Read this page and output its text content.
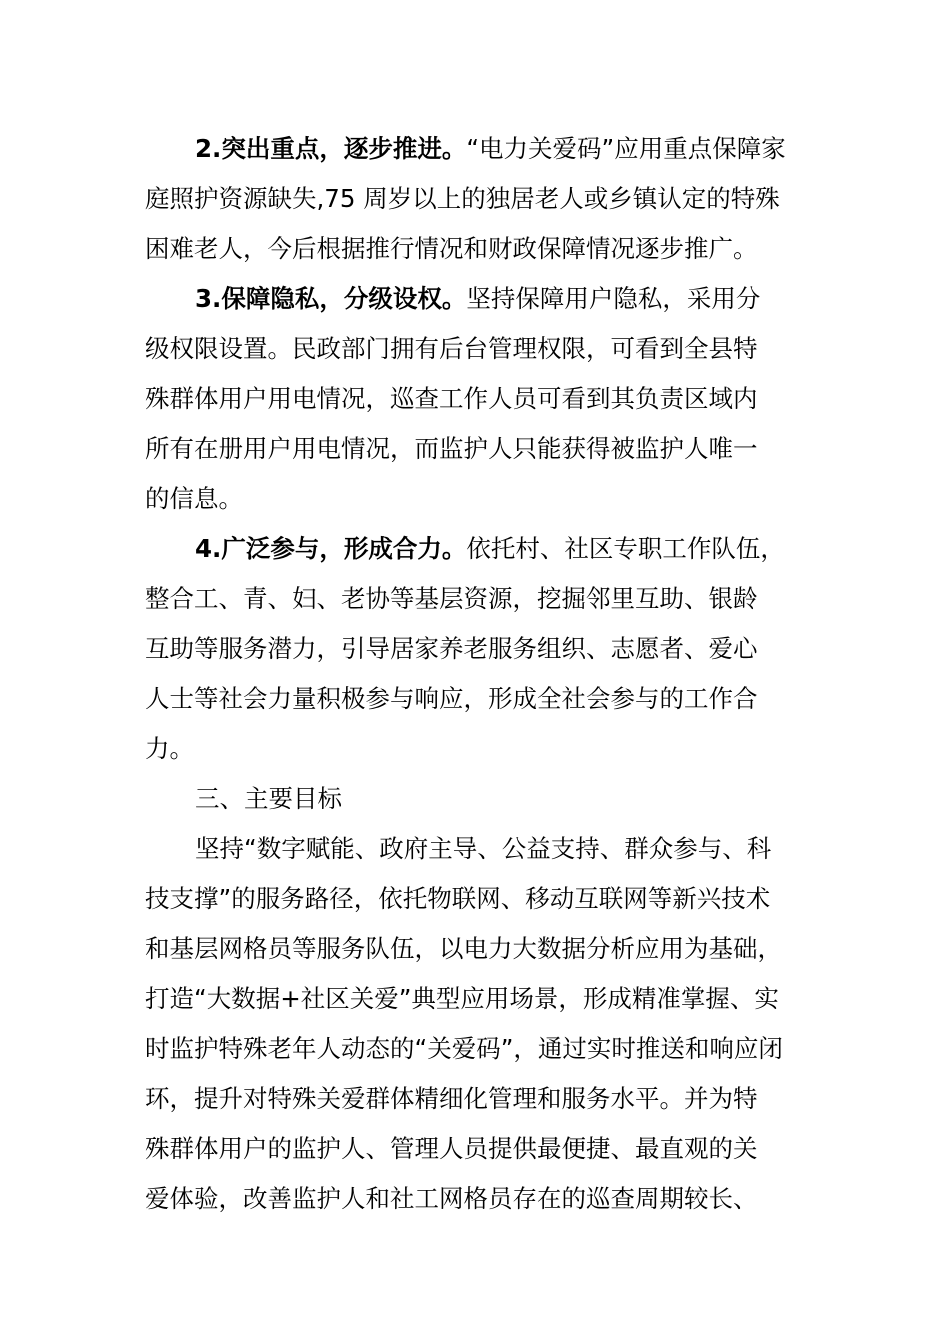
2.突出重点，逐步推进。“电力关爱码”应用重点保障家
庭照护资源缺失,75 周岁以上的独居老人或乡镇认定的特殊
困难老人，今后根据推行情况和财政保障情况逐步推广。
3.保障隐私，分级设权。坚持保障用户隐私，采用分
级权限设置。民政部门拥有后台管理权限，可看到全县特
殊群体用户用电情况，巡查工作人员可看到其负责区域内
所有在册用户用电情况，而监护人只能获得被监护人唯一
的信息。
4.广泛参与，形成合力。依托村、社区专职工作队伍，
整合工、青、妇、老协等基层资源，挖掘邻里互助、银龄
互助等服务潜力，引导居家养老服务组织、志愿者、爱心
人士等社会力量积极参与响应，形成全社会参与的工作合
力。
三、主要目标
坚持“数字赋能、政府主导、公益支持、群众参与、科
技支撑”的服务路径，依托物联网、移动互联网等新兴技术
和基层网格员等服务队伍，以电力大数据分析应用为基础，
打造“大数据+社区关爱”典型应用场景，形成精准掌握、实
时监护特殊老年人动态的“关爱码”，通过实时推送和响应闭
环，提升对特殊关爱群体精细化管理和服务水平。并为特
殊群体用户的监护人、管理人员提供最便捷、最直观的关
爱体验，改善监护人和社工网格员存在的巡查周期较长、
